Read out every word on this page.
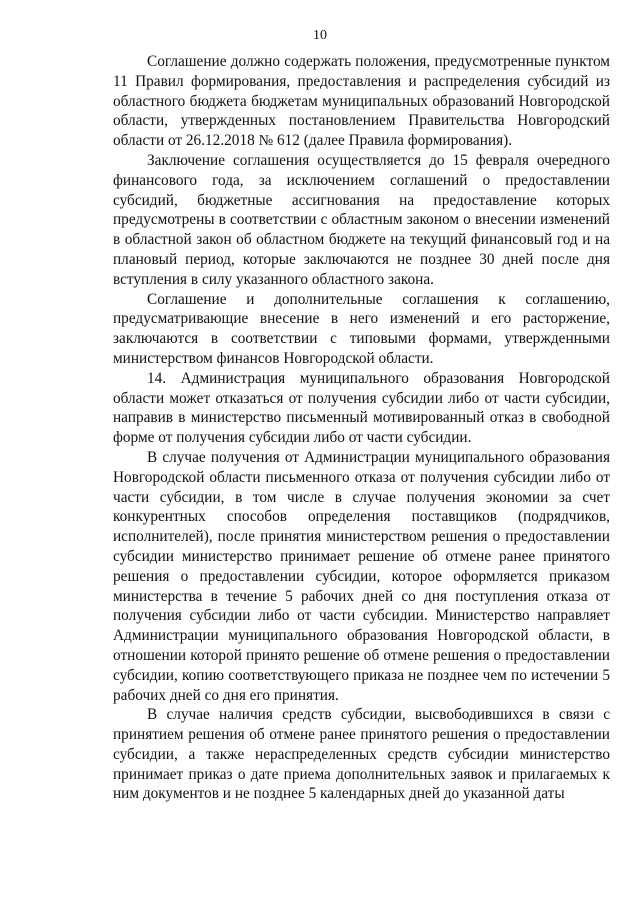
10

Соглашение должно содержать положения, предусмотренные пунктом 11 Правил формирования, предоставления и распределения субсидий из областного бюджета бюджетам муниципальных образований Новгородской области, утвержденных постановлением Правительства Новгородский области от 26.12.2018 № 612 (далее Правила формирования).

Заключение соглашения осуществляется до 15 февраля очередного финансового года, за исключением соглашений о предоставлении субсидий, бюджетные ассигнования на предоставление которых предусмотрены в соответствии с областным законом о внесении изменений в областной закон об областном бюджете на текущий финансовый год и на плановый период, которые заключаются не позднее 30 дней после дня вступления в силу указанного областного закона.

Соглашение и дополнительные соглашения к соглашению, предусматривающие внесение в него изменений и его расторжение, заключаются в соответствии с типовыми формами, утвержденными министерством финансов Новгородской области.

14. Администрация муниципального образования Новгородской области может отказаться от получения субсидии либо от части субсидии, направив в министерство письменный мотивированный отказ в свободной форме от получения субсидии либо от части субсидии.

В случае получения от Администрации муниципального образования Новгородской области письменного отказа от получения субсидии либо от части субсидии, в том числе в случае получения экономии за счет конкурентных способов определения поставщиков (подрядчиков, исполнителей), после принятия министерством решения о предоставлении субсидии министерство принимает решение об отмене ранее принятого решения о предоставлении субсидии, которое оформляется приказом министерства в течение 5 рабочих дней со дня поступления отказа от получения субсидии либо от части субсидии. Министерство направляет Администрации муниципального образования Новгородской области, в отношении которой принято решение об отмене решения о предоставлении субсидии, копию соответствующего приказа не позднее чем по истечении 5 рабочих дней со дня его принятия.

В случае наличия средств субсидии, высвободившихся в связи с принятием решения об отмене ранее принятого решения о предоставлении субсидии, а также нераспределенных средств субсидии министерство принимает приказ о дате приема дополнительных заявок и прилагаемых к ним документов и не позднее 5 календарных дней до указанной даты
